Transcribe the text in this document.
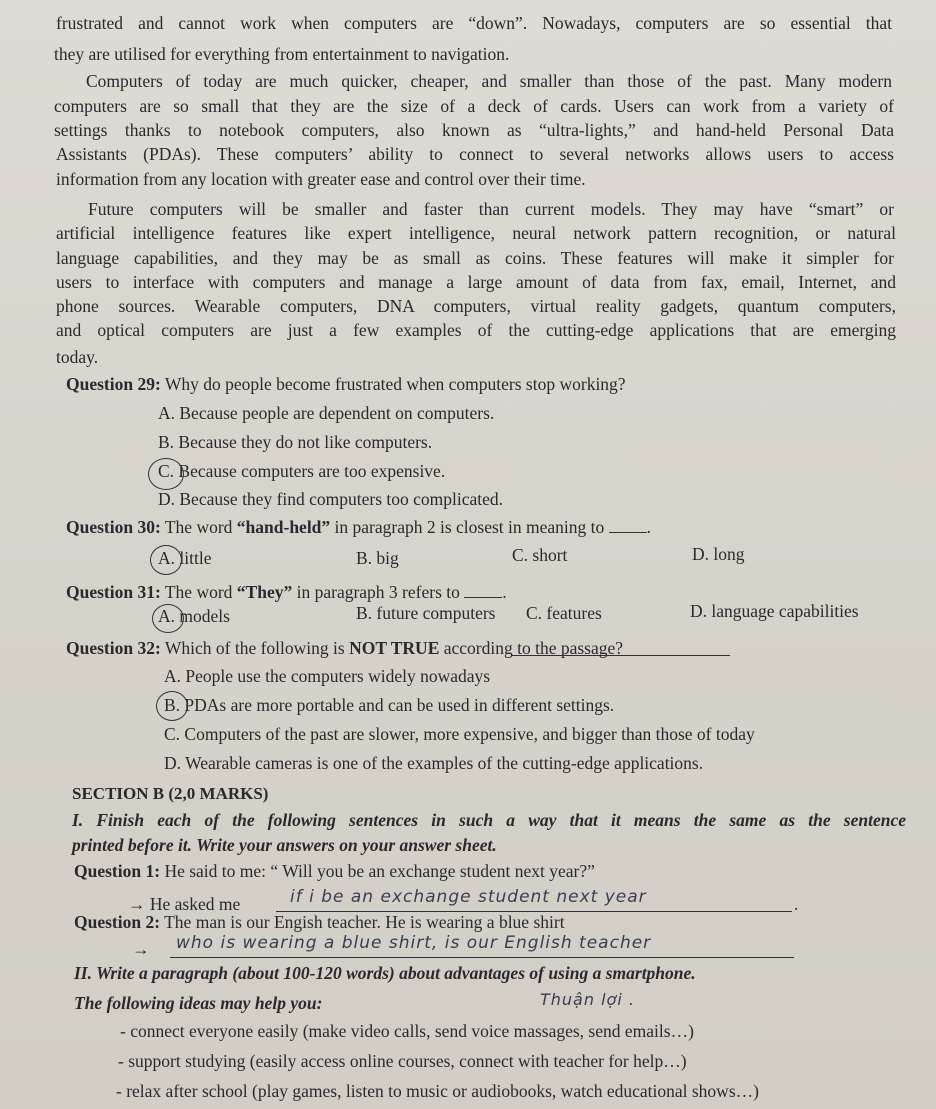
frustrated and cannot work when computers are “down”. Nowadays, computers are so essential that
they are utilised for everything from entertainment to navigation.
Computers of today are much quicker, cheaper, and smaller than those of the past. Many modern
computers are so small that they are the size of a deck of cards. Users can work from a variety of
settings thanks to notebook computers, also known as “ultra-lights,” and hand-held Personal Data
Assistants (PDAs). These computers’ ability to connect to several networks allows users to access
information from any location with greater ease and control over their time.
Future computers will be smaller and faster than current models. They may have “smart” or
artificial intelligence features like expert intelligence, neural network pattern recognition, or natural
language capabilities, and they may be as small as coins. These features will make it simpler for
users to interface with computers and manage a large amount of data from fax, email, Internet, and
phone sources. Wearable computers, DNA computers, virtual reality gadgets, quantum computers,
and optical computers are just a few examples of the cutting-edge applications that are emerging
today.
Question 29: Why do people become frustrated when computers stop working?
A. Because people are dependent on computers.
B. Because they do not like computers.
C. Because computers are too expensive.
D. Because they find computers too complicated.
Question 30: The word “hand-held” in paragraph 2 is closest in meaning to .
A. little	B. big	C. short	D. long
Question 31: The word “They” in paragraph 3 refers to .
A. models	B. future computers C. features	D. language capabilities
Question 32: Which of the following is NOT TRUE according to the passage?
A. People use the computers widely nowadays
B. PDAs are more portable and can be used in different settings.
C. Computers of the past are slower, more expensive, and bigger than those of today
D. Wearable cameras is one of the examples of the cutting-edge applications.
SECTION B (2,0 MARKS)
I. Finish each of the following sentences in such a way that it means the same as the sentence
printed before it. Write your answers on your answer sheet.
Question 1: He said to me: “ Will you be an exchange student next year?”
→ He asked me	.
if i be an exchange student next year
Question 2: The man is our Engish teacher. He is wearing a blue shirt
→ who is wearing a blue shirt, is our English teacher
II. Write a paragraph (about 100-120 words) about advantages of using a smartphone.
The following ideas may help you:	Thuận lợi .
- connect everyone easily (make video calls, send voice massages, send emails…)
- support studying (easily access online courses, connect with teacher for help…)
- relax after school (play games, listen to music or audiobooks, watch educational shows…)
